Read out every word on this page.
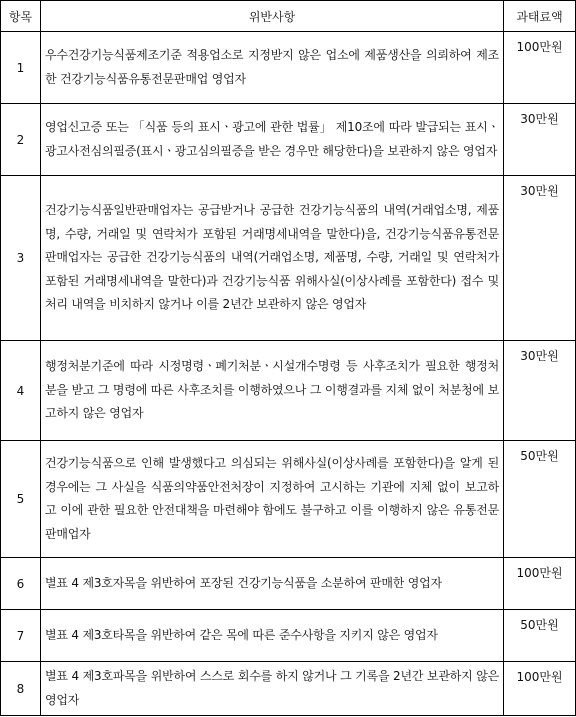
항목	위반사항	과태료액
1	우수건강기능식품제조기준 적용업소로 지정받지 않은 업소에 제품생산을 의뢰하여 제조한 건강기능식품유통전문판매업 영업자	100만원
2	영업신고증 또는 「식품 등의 표시ㆍ광고에 관한 법률」 제10조에 따라 발급되는 표시ㆍ광고사전심의필증(표시ㆍ광고심의필증을 받은 경우만 해당한다)을 보관하지 않은 영업자	30만원
3	건강기능식품일반판매업자는 공급받거나 공급한 건강기능식품의 내역(거래업소명, 제품명, 수량, 거래일 및 연락처가 포함된 거래명세내역을 말한다)을, 건강기능식품유통전문판매업자는 공급한 건강기능식품의 내역(거래업소명, 제품명, 수량, 거래일 및 연락처가 포함된 거래명세내역을 말한다)과 건강기능식품 위해사실(이상사례를 포함한다) 접수 및 처리 내역을 비치하지 않거나 이를 2년간 보관하지 않은 영업자	30만원
4	행정처분기준에 따라 시정명령ㆍ폐기처분ㆍ시설개수명령 등 사후조치가 필요한 행정처분을 받고 그 명령에 따른 사후조치를 이행하였으나 그 이행결과를 지체 없이 처분청에 보고하지 않은 영업자	30만원
5	건강기능식품으로 인해 발생했다고 의심되는 위해사실(이상사례를 포함한다)을 알게 된 경우에는 그 사실을 식품의약품안전처장이 지정하여 고시하는 기관에 지체 없이 보고하고 이에 관한 필요한 안전대책을 마련해야 함에도 불구하고 이를 이행하지 않은 유통전문판매업자	50만원
6	별표 4 제3호자목을 위반하여 포장된 건강기능식품을 소분하여 판매한 영업자	100만원
7	별표 4 제3호타목을 위반하여 같은 목에 따른 준수사항을 지키지 않은 영업자	50만원
8	별표 4 제3호파목을 위반하여 스스로 회수를 하지 않거나 그 기록을 2년간 보관하지 않은 영업자	100만원
